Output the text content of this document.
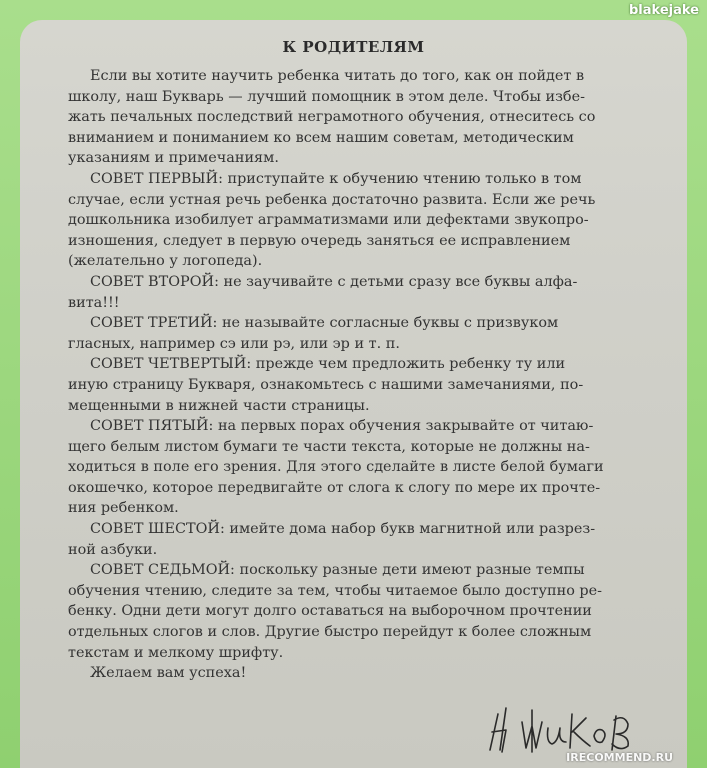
blakejake
К РОДИТЕЛЯМ

Если вы хотите научить ребенка читать до того, как он пойдет в
школу, наш Букварь — лучший помощник в этом деле. Чтобы избе-
жать печальных последствий неграмотного обучения, отнеситесь со
вниманием и пониманием ко всем нашим советам, методическим
указаниям и примечаниям.

СОВЕТ ПЕРВЫЙ: приступайте к обучению чтению только в том
случае, если устная речь ребенка достаточно развита. Если же речь
дошкольника изобилует аграмматизмами или дефектами звукопро-
изношения, следует в первую очередь заняться ее исправлением
(желательно у логопеда).

СОВЕТ ВТОРОЙ: не заучивайте с детьми сразу все буквы алфа-
вита!!!

СОВЕТ ТРЕТИЙ: не называйте согласные буквы с призвуком
гласных, например сэ или рэ, или эр и т. п.

СОВЕТ ЧЕТВЕРТЫЙ: прежде чем предложить ребенку ту или
иную страницу Букваря, ознакомьтесь с нашими замечаниями, по-
мещенными в нижней части страницы.

СОВЕТ ПЯТЫЙ: на первых порах обучения закрывайте от читаю-
щего белым листом бумаги те части текста, которые не должны на-
ходиться в поле его зрения. Для этого сделайте в листе белой бумаги
окошечко, которое передвигайте от слога к слогу по мере их прочте-
ния ребенком.

СОВЕТ ШЕСТОЙ: имейте дома набор букв магнитной или разрез-
ной азбуки.

СОВЕТ СЕДЬМОЙ: поскольку разные дети имеют разные темпы
обучения чтению, следите за тем, чтобы читаемое было доступно ре-
бенку. Одни дети могут долго оставаться на выборочном прочтении
отдельных слогов и слов. Другие быстро перейдут к более сложным
текстам и мелкому шрифту.

Желаем вам успеха!

IRECOMMEND.RU
